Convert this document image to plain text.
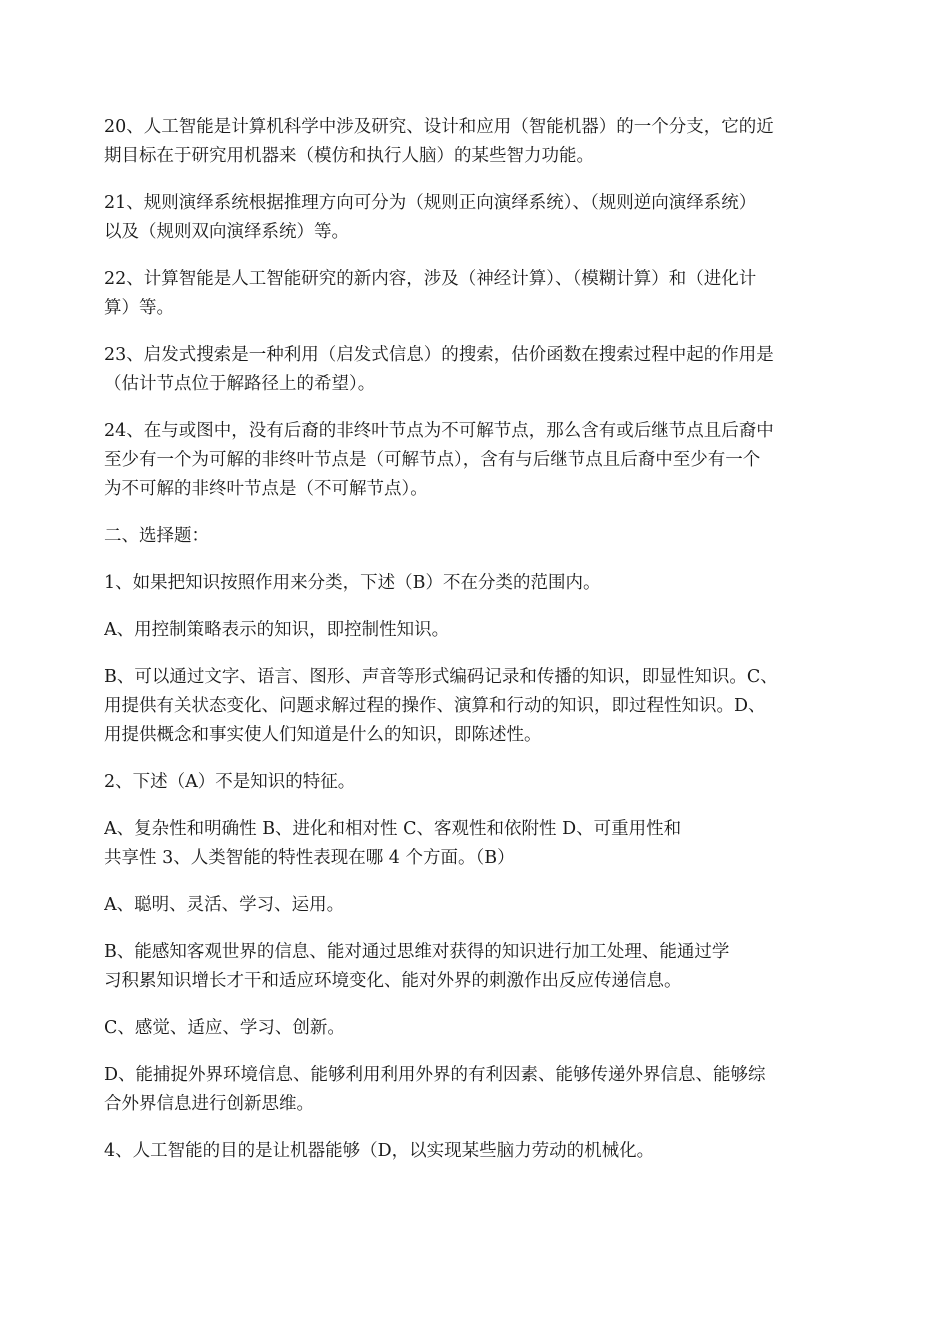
20、人工智能是计算机科学中涉及研究、设计和应用（智能机器）的一个分支，它的近
期目标在于研究用机器来（模仿和执行人脑）的某些智力功能。
21、规则演绎系统根据推理方向可分为（规则正向演绎系统）、（规则逆向演绎系统）
以及（规则双向演绎系统）等。
22、计算智能是人工智能研究的新内容，涉及（神经计算）、（模糊计算）和（进化计
算）等。
23、启发式搜索是一种利用（启发式信息）的搜索，估价函数在搜索过程中起的作用是
（估计节点位于解路径上的希望）。
24、在与或图中，没有后裔的非终叶节点为不可解节点，那么含有或后继节点且后裔中
至少有一个为可解的非终叶节点是（可解节点），含有与后继节点且后裔中至少有一个
为不可解的非终叶节点是（不可解节点）。
二、选择题：
1、如果把知识按照作用来分类，下述（B）不在分类的范围内。
A、用控制策略表示的知识，即控制性知识。
B、可以通过文字、语言、图形、声音等形式编码记录和传播的知识，即显性知识。C、
用提供有关状态变化、问题求解过程的操作、演算和行动的知识，即过程性知识。D、
用提供概念和事实使人们知道是什么的知识，即陈述性。
2、下述（A）不是知识的特征。
A、复杂性和明确性 B、进化和相对性 C、客观性和依附性 D、可重用性和
共享性 3、人类智能的特性表现在哪 4 个方面。（B）
A、聪明、灵活、学习、运用。
B、能感知客观世界的信息、能对通过思维对获得的知识进行加工处理、能通过学
习积累知识增长才干和适应环境变化、能对外界的刺激作出反应传递信息。
C、感觉、适应、学习、创新。
D、能捕捉外界环境信息、能够利用利用外界的有利因素、能够传递外界信息、能够综
合外界信息进行创新思维。
4、人工智能的目的是让机器能够（D，以实现某些脑力劳动的机械化。
